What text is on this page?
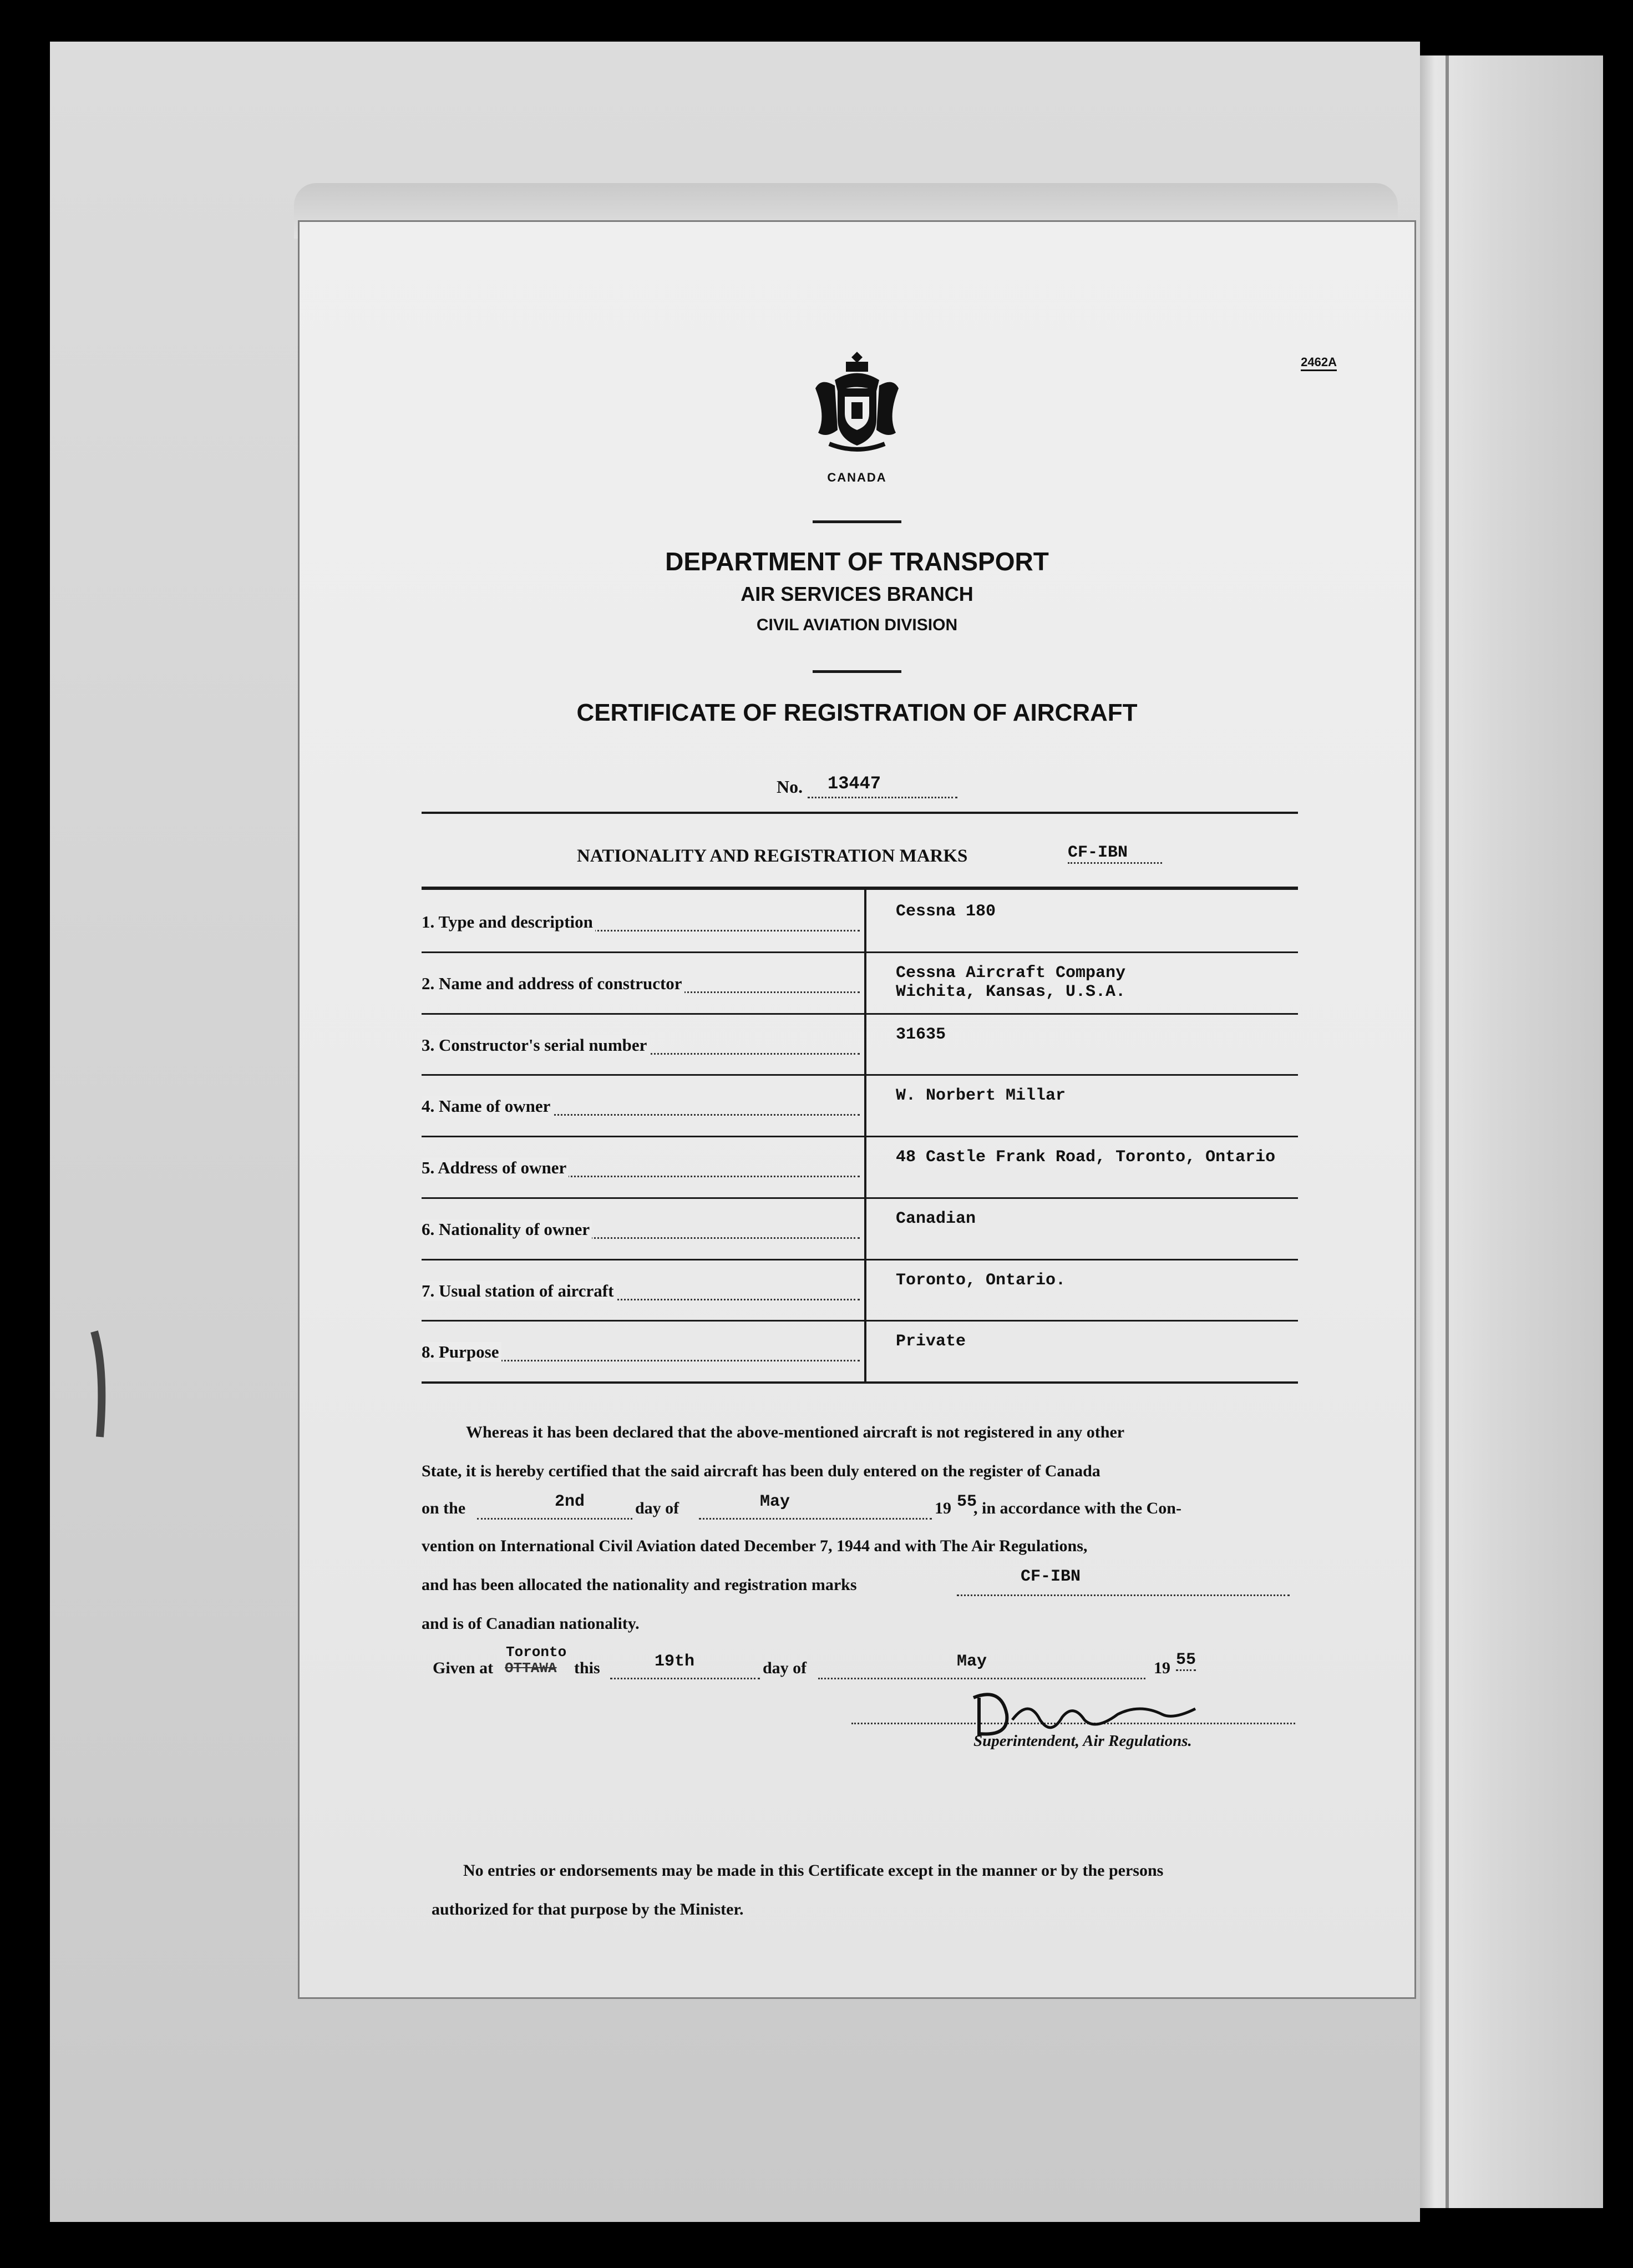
2462A
CANADA
DEPARTMENT OF TRANSPORT
AIR SERVICES BRANCH
CIVIL AVIATION DIVISION
CERTIFICATE OF REGISTRATION OF AIRCRAFT
No. 13447
NATIONALITY AND REGISTRATION MARKS	CF-IBN
Whereas it has been declared that the above-mentioned aircraft is not registered in any other
State, it is hereby certified that the said aircraft has been duly entered on the register of Canada
on the	2nd	day of	May	19 55
, in accordance with the Con-
vention on International Civil Aviation dated December 7, 1944 and with The Air Regulations,
and has been allocated the nationality and registration marks	CF-IBN
and is of Canadian nationality.
Given at
Toronto
OTTAWA this	19th	day of	May	19 55
Superintendent, Air Regulations.
No entries or endorsements may be made in this Certificate except in the manner or by the persons
authorized for that purpose by the Minister.
1. Type and description
Cessna 180
2. Name and address of constructor
Cessna Aircraft Company
Wichita, Kansas, U.S.A.
3. Constructor's serial number
31635
4. Name of owner
W. Norbert Millar
5. Address of owner
48 Castle Frank Road, Toronto, Ontario
6. Nationality of owner
Canadian
7. Usual station of aircraft
Toronto, Ontario.
8. Purpose
Private
